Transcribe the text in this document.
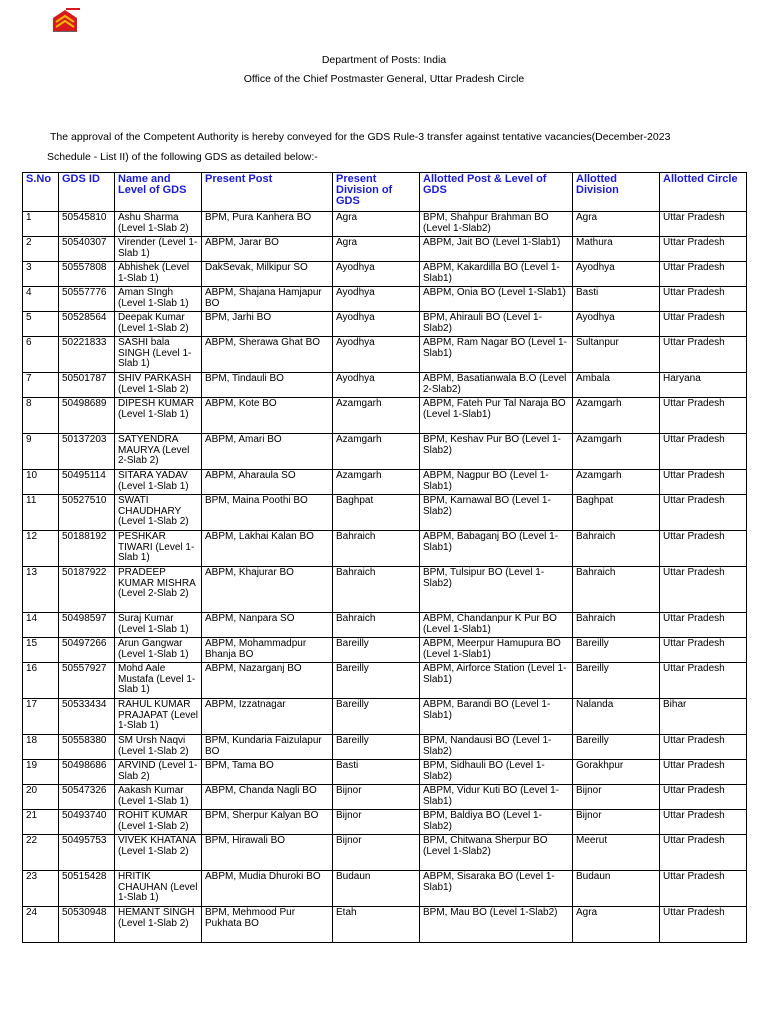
Department of Posts: India
Office of the Chief Postmaster General, Uttar Pradesh Circle
The approval of the Competent Authority is hereby conveyed for the GDS Rule-3 transfer against tentative vacancies(December-2023
Schedule - List II) of the following GDS as detailed below:-
S.No	GDS ID	Name and Level of GDS	Present Post	Present Division of GDS	Allotted Post & Level of GDS	Allotted Division	Allotted Circle
1	50545810	Ashu Sharma (Level 1-Slab 2)	BPM, Pura Kanhera BO	Agra	BPM, Shahpur Brahman BO (Level 1-Slab2)	Agra	Uttar Pradesh
2	50540307	Virender (Level 1-Slab 1)	ABPM, Jarar BO	Agra	ABPM, Jait BO (Level 1-Slab1)	Mathura	Uttar Pradesh
3	50557808	Abhishek (Level 1-Slab 1)	DakSevak, Milkipur SO	Ayodhya	ABPM, Kakardilla BO (Level 1-Slab1)	Ayodhya	Uttar Pradesh
4	50557776	Aman SIngh (Level 1-Slab 1)	ABPM, Shajana Hamjapur BO	Ayodhya	ABPM, Onia BO (Level 1-Slab1)	Basti	Uttar Pradesh
5	50528564	Deepak Kumar (Level 1-Slab 2)	BPM, Jarhi BO	Ayodhya	BPM, Ahirauli BO (Level 1-Slab2)	Ayodhya	Uttar Pradesh
6	50221833	SASHI bala SINGH (Level 1-Slab 1)	ABPM, Sherawa Ghat BO	Ayodhya	ABPM, Ram Nagar BO (Level 1-Slab1)	Sultanpur	Uttar Pradesh
7	50501787	SHIV PARKASH (Level 1-Slab 2)	BPM, Tindauli BO	Ayodhya	ABPM, Basatianwala B.O (Level 2-Slab2)	Ambala	Haryana
8	50498689	DIPESH KUMAR (Level 1-Slab 1)	ABPM, Kote BO	Azamgarh	ABPM, Fateh Pur Tal Naraja BO (Level 1-Slab1)	Azamgarh	Uttar Pradesh
9	50137203	SATYENDRA MAURYA (Level 2-Slab 2)	ABPM, Amari BO	Azamgarh	BPM, Keshav Pur BO (Level 1-Slab2)	Azamgarh	Uttar Pradesh
10	50495114	SITARA YADAV (Level 1-Slab 1)	ABPM, Aharaula SO	Azamgarh	ABPM, Nagpur BO (Level 1-Slab1)	Azamgarh	Uttar Pradesh
11	50527510	SWATI CHAUDHARY (Level 1-Slab 2)	BPM, Maina Poothi BO	Baghpat	BPM, Karnawal BO (Level 1-Slab2)	Baghpat	Uttar Pradesh
12	50188192	PESHKAR TIWARI (Level 1-Slab 1)	ABPM, Lakhai Kalan BO	Bahraich	ABPM, Babaganj BO (Level 1-Slab1)	Bahraich	Uttar Pradesh
13	50187922	PRADEEP KUMAR MISHRA (Level 2-Slab 2)	ABPM, Khajurar BO	Bahraich	BPM, Tulsipur BO (Level 1-Slab2)	Bahraich	Uttar Pradesh
14	50498597	Suraj Kumar (Level 1-Slab 1)	ABPM, Nanpara SO	Bahraich	ABPM, Chandanpur K Pur BO (Level 1-Slab1)	Bahraich	Uttar Pradesh
15	50497266	Arun Gangwar (Level 1-Slab 1)	ABPM, Mohammadpur Bhanja BO	Bareilly	ABPM, Meerpur Hamupura BO (Level 1-Slab1)	Bareilly	Uttar Pradesh
16	50557927	Mohd Aale Mustafa (Level 1-Slab 1)	ABPM, Nazarganj BO	Bareilly	ABPM, Airforce Station (Level 1-Slab1)	Bareilly	Uttar Pradesh
17	50533434	RAHUL KUMAR PRAJAPAT (Level 1-Slab 1)	ABPM, Izzatnagar	Bareilly	ABPM, Barandi BO (Level 1-Slab1)	Nalanda	Bihar
18	50558380	SM Ursh Naqvi (Level 1-Slab 2)	BPM, Kundaria Faizulapur BO	Bareilly	BPM, Nandausi BO (Level 1-Slab2)	Bareilly	Uttar Pradesh
19	50498686	ARVIND (Level 1-Slab 2)	BPM, Tama BO	Basti	BPM, Sidhauli BO (Level 1-Slab2)	Gorakhpur	Uttar Pradesh
20	50547326	Aakash Kumar (Level 1-Slab 1)	ABPM, Chanda Nagli BO	Bijnor	ABPM, Vidur Kuti BO (Level 1-Slab1)	Bijnor	Uttar Pradesh
21	50493740	ROHIT KUMAR (Level 1-Slab 2)	BPM, Sherpur Kalyan BO	Bijnor	BPM, Baldiya BO (Level 1-Slab2)	Bijnor	Uttar Pradesh
22	50495753	VIVEK KHATANA (Level 1-Slab 2)	BPM, Hirawali BO	Bijnor	BPM, Chitwana Sherpur BO (Level 1-Slab2)	Meerut	Uttar Pradesh
23	50515428	HRITIK CHAUHAN (Level 1-Slab 1)	ABPM, Mudia Dhuroki BO	Budaun	ABPM, Sisaraka BO (Level 1-Slab1)	Budaun	Uttar Pradesh
24	50530948	HEMANT SINGH (Level 1-Slab 2)	BPM, Mehmood Pur Pukhata BO	Etah	BPM, Mau BO (Level 1-Slab2)	Agra	Uttar Pradesh
